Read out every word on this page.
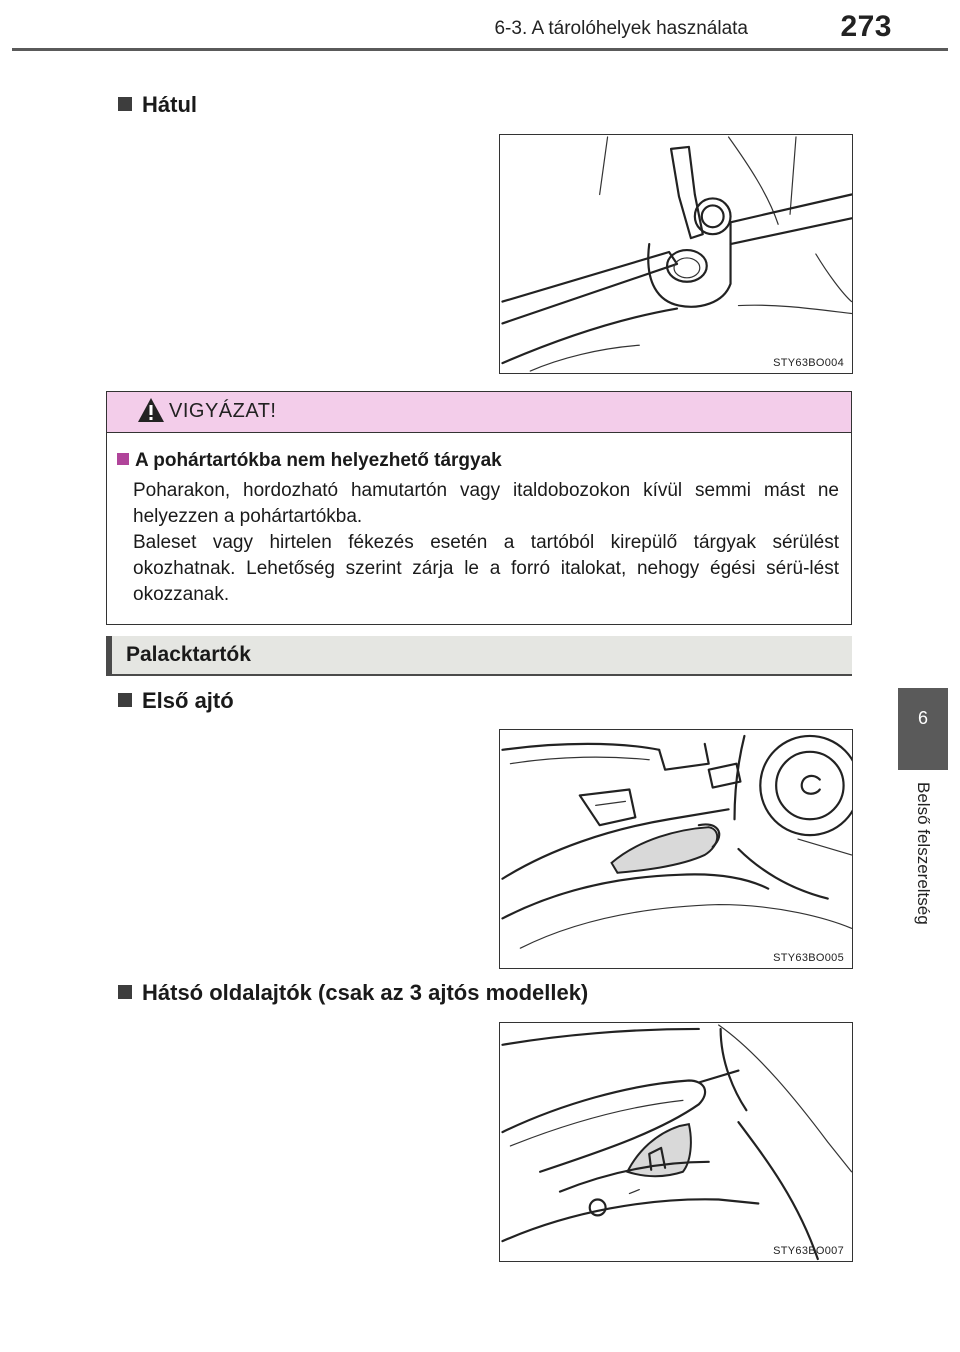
6-3. A tárolóhelyek használata	273
6
Belső felszereltség
Hátul
STY63BO004
VIGYÁZAT!
A pohártartókba nem helyezhető tárgyak

Poharakon, hordozható hamutartón vagy italdobozokon kívül semmi mást ne helyezzen a pohártartókba.

Baleset vagy hirtelen fékezés esetén a tartóból kirepülő tárgyak sérülést okozhatnak. Lehetőség szerint zárja le a forró italokat, nehogy égési sérü-lést okozzanak.

Palacktartók
Első ajtó
STY63BO005
Hátsó oldalajtók (csak az 3 ajtós modellek)
STY63BO007
